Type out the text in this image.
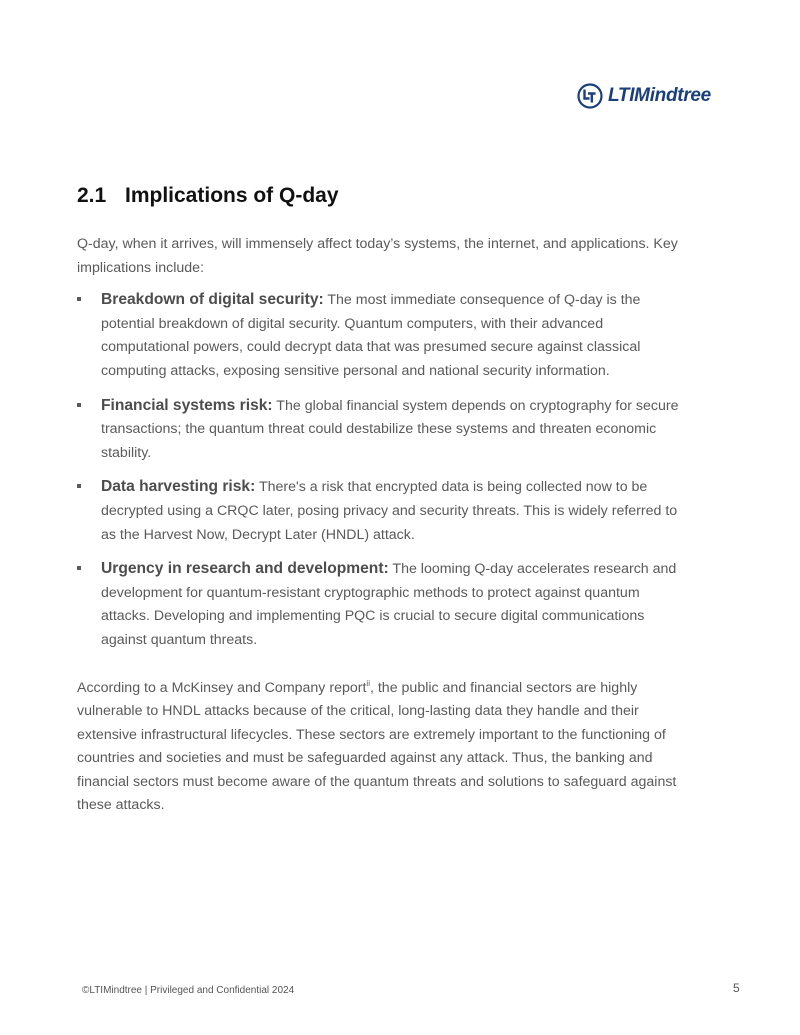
LTIMindtree
2.1 Implications of Q-day

Q-day, when it arrives, will immensely affect today’s systems, the internet, and applications. Key implications include:

Breakdown of digital security: The most immediate consequence of Q-day is the potential breakdown of digital security. Quantum computers, with their advanced computational powers, could decrypt data that was presumed secure against classical computing attacks, exposing sensitive personal and national security information.
Financial systems risk: The global financial system depends on cryptography for secure transactions; the quantum threat could destabilize these systems and threaten economic stability.
Data harvesting risk: There's a risk that encrypted data is being collected now to be decrypted using a CRQC later, posing privacy and security threats. This is widely referred to as the Harvest Now, Decrypt Later (HNDL) attack.
Urgency in research and development: The looming Q-day accelerates research and development for quantum-resistant cryptographic methods to protect against quantum attacks. Developing and implementing PQC is crucial to secure digital communications against quantum threats.

According to a McKinsey and Company report$^{ii}$, the public and financial sectors are highly vulnerable to HNDL attacks because of the critical, long-lasting data they handle and their extensive infrastructural lifecycles. These sectors are extremely important to the functioning of countries and societies and must be safeguarded against any attack. Thus, the banking and financial sectors must become aware of the quantum threats and solutions to safeguard against these attacks.

©LTIMindtree | Privileged and Confidential 2024	5
